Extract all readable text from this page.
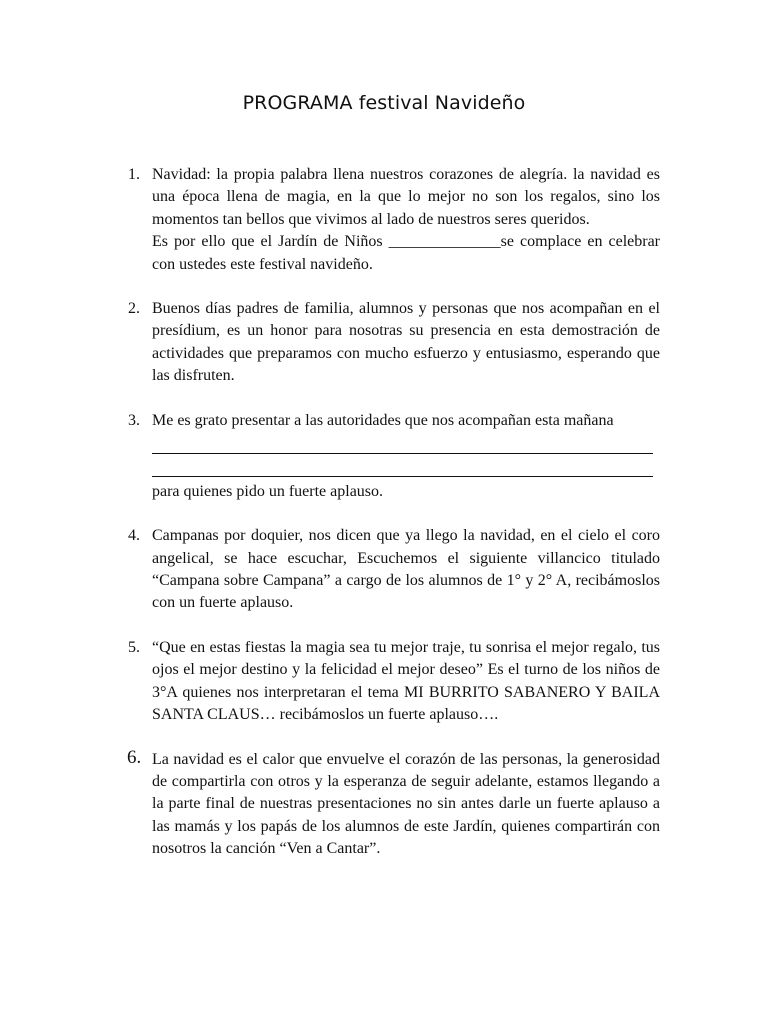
PROGRAMA festival Navideño
1. Navidad: la propia palabra llena nuestros corazones de alegría. la navidad es una época llena de magia, en la que lo mejor no son los regalos, sino los momentos tan bellos que vivimos al lado de nuestros seres queridos.

Es por ello que el Jardín de Niños ______________se complace en celebrar con ustedes este festival navideño.

2. Buenos días padres de familia, alumnos y personas que nos acompañan en el presídium, es un honor para nosotras su presencia en esta demostración de actividades que preparamos con mucho esfuerzo y entusiasmo, esperando que las disfruten.

3. Me es grato presentar a las autoridades que nos acompañan esta mañana

para quienes pido un fuerte aplauso.

4. Campanas por doquier, nos dicen que ya llego la navidad, en el cielo el coro angelical, se hace escuchar, Escuchemos el siguiente villancico titulado “Campana sobre Campana” a cargo de los alumnos de 1° y 2° A, recibámoslos con un fuerte aplauso.

5. “Que en estas fiestas la magia sea tu mejor traje, tu sonrisa el mejor regalo, tus ojos el mejor destino y la felicidad el mejor deseo” Es el turno de los niños de 3°A quienes nos interpretaran el tema MI BURRITO SABANERO Y BAILA SANTA CLAUS… recibámoslos un fuerte aplauso….

6. La navidad es el calor que envuelve el corazón de las personas, la generosidad de compartirla con otros y la esperanza de seguir adelante, estamos llegando a la parte final de nuestras presentaciones no sin antes darle un fuerte aplauso a las mamás y los papás de los alumnos de este Jardín, quienes compartirán con nosotros la canción “Ven a Cantar”.
